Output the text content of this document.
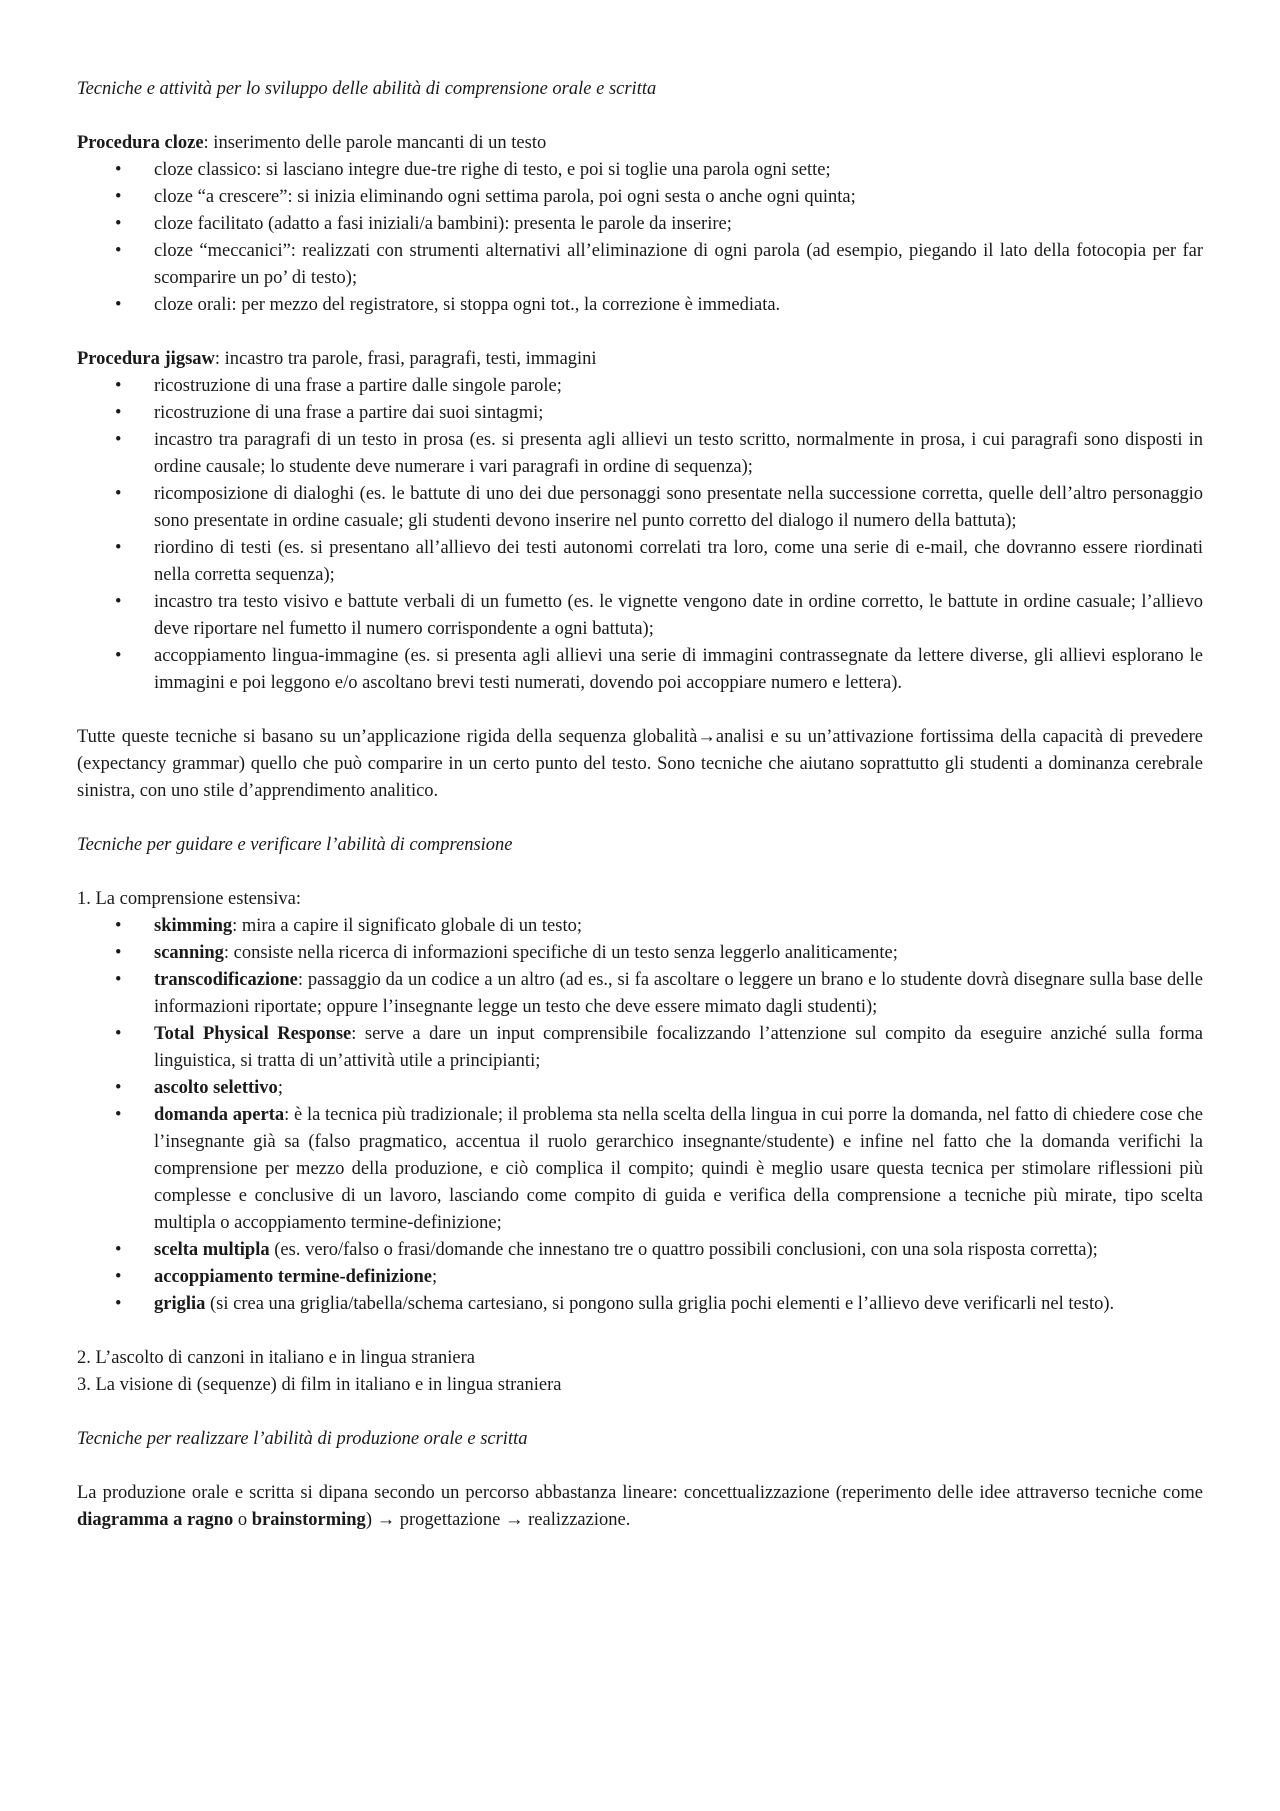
Tecniche e attività per lo sviluppo delle abilità di comprensione orale e scritta

Procedura cloze: inserimento delle parole mancanti di un testo

• cloze classico: si lasciano integre due-tre righe di testo, e poi si toglie una parola ogni sette;
• cloze “a crescere”: si inizia eliminando ogni settima parola, poi ogni sesta o anche ogni quinta;
• cloze facilitato (adatto a fasi iniziali/a bambini): presenta le parole da inserire;
• cloze “meccanici”: realizzati con strumenti alternativi all’eliminazione di ogni parola (ad esempio, piegando il lato della fotocopia per far scomparire un po’ di testo);
• cloze orali: per mezzo del registratore, si stoppa ogni tot., la correzione è immediata.

Procedura jigsaw: incastro tra parole, frasi, paragrafi, testi, immagini

• ricostruzione di una frase a partire dalle singole parole;
• ricostruzione di una frase a partire dai suoi sintagmi;
• incastro tra paragrafi di un testo in prosa (es. si presenta agli allievi un testo scritto, normalmente in prosa, i cui paragrafi sono disposti in ordine causale; lo studente deve numerare i vari paragrafi in ordine di sequenza);
• ricomposizione di dialoghi (es. le battute di uno dei due personaggi sono presentate nella successione corretta, quelle dell’altro personaggio sono presentate in ordine casuale; gli studenti devono inserire nel punto corretto del dialogo il numero della battuta);
• riordino di testi (es. si presentano all’allievo dei testi autonomi correlati tra loro, come una serie di e-mail, che dovranno essere riordinati nella corretta sequenza);
• incastro tra testo visivo e battute verbali di un fumetto (es. le vignette vengono date in ordine corretto, le battute in ordine casuale; l’allievo deve riportare nel fumetto il numero corrispondente a ogni battuta);
• accoppiamento lingua-immagine (es. si presenta agli allievi una serie di immagini contrassegnate da lettere diverse, gli allievi esplorano le immagini e poi leggono e/o ascoltano brevi testi numerati, dovendo poi accoppiare numero e lettera).

Tutte queste tecniche si basano su un’applicazione rigida della sequenza globalità→analisi e su un’attivazione fortissima della capacità di prevedere (expectancy grammar) quello che può comparire in un certo punto del testo. Sono tecniche che aiutano soprattutto gli studenti a dominanza cerebrale sinistra, con uno stile d’apprendimento analitico.

Tecniche per guidare e verificare l’abilità di comprensione

1. La comprensione estensiva:

• skimming: mira a capire il significato globale di un testo;
• scanning: consiste nella ricerca di informazioni specifiche di un testo senza leggerlo analiticamente;
• transcodificazione: passaggio da un codice a un altro (ad es., si fa ascoltare o leggere un brano e lo studente dovrà disegnare sulla base delle informazioni riportate; oppure l’insegnante legge un testo che deve essere mimato dagli studenti);
• Total Physical Response: serve a dare un input comprensibile focalizzando l’attenzione sul compito da eseguire anziché sulla forma linguistica, si tratta di un’attività utile a principianti;
• ascolto selettivo;
• domanda aperta: è la tecnica più tradizionale; il problema sta nella scelta della lingua in cui porre la domanda, nel fatto di chiedere cose che l’insegnante già sa (falso pragmatico, accentua il ruolo gerarchico insegnante/studente) e infine nel fatto che la domanda verifichi la comprensione per mezzo della produzione, e ciò complica il compito; quindi è meglio usare questa tecnica per stimolare riflessioni più complesse e conclusive di un lavoro, lasciando come compito di guida e verifica della comprensione a tecniche più mirate, tipo scelta multipla o accoppiamento termine-definizione;
• scelta multipla (es. vero/falso o frasi/domande che innestano tre o quattro possibili conclusioni, con una sola risposta corretta);
• accoppiamento termine-definizione;
• griglia (si crea una griglia/tabella/schema cartesiano, si pongono sulla griglia pochi elementi e l’allievo deve verificarli nel testo).

2. L’ascolto di canzoni in italiano e in lingua straniera

3. La visione di (sequenze) di film in italiano e in lingua straniera

Tecniche per realizzare l’abilità di produzione orale e scritta

La produzione orale e scritta si dipana secondo un percorso abbastanza lineare: concettualizzazione (reperimento delle idee attraverso tecniche come diagramma a ragno o brainstorming) → progettazione → realizzazione.
